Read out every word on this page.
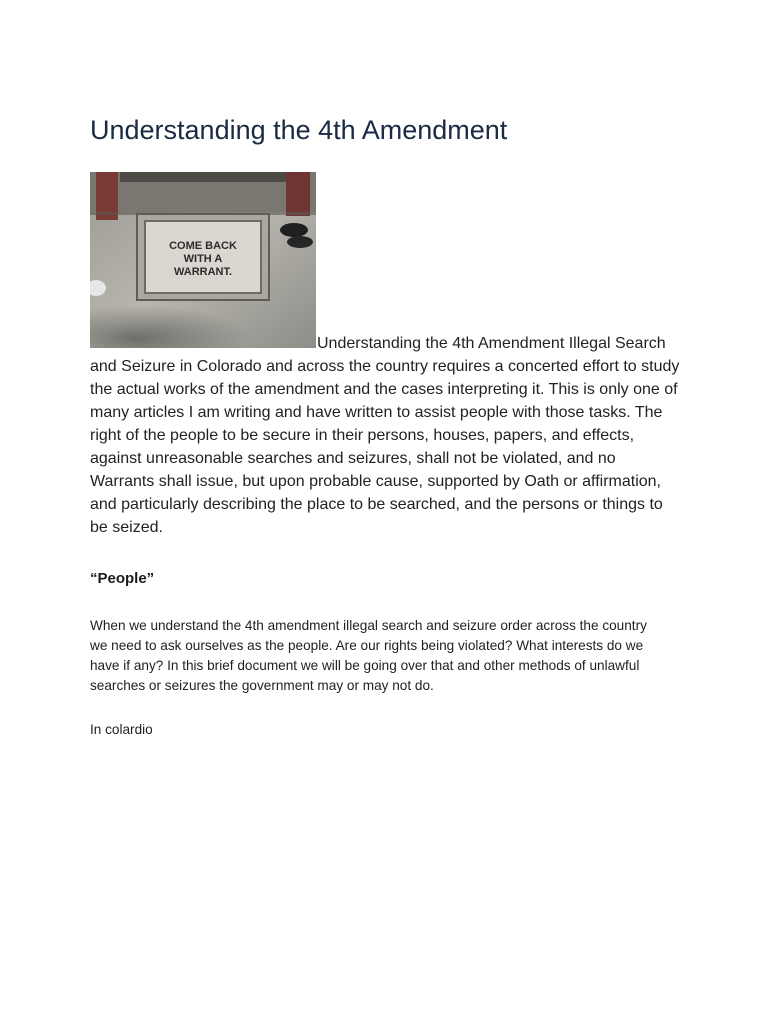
Understanding the 4th Amendment

COME BACK
WITH A
WARRANT.
Understanding the 4th Amendment Illegal Search and Seizure in Colorado and across the country requires a concerted effort to study the actual works of the amendment and the cases interpreting it. This is only one of many articles I am writing and have written to assist people with those tasks. The right of the people to be secure in their persons, houses, papers, and effects, against unreasonable searches and seizures, shall not be violated, and no Warrants shall issue, but upon probable cause, supported by Oath or affirmation, and particularly describing the place to be searched, and the persons or things to be seized.

“People”

When we understand the 4th amendment illegal search and seizure order across the country we need to ask ourselves as the people. Are our rights being violated? What interests do we have if any? In this brief document we will be going over that and other methods of unlawful searches or seizures the government may or may not do.

In colardio
